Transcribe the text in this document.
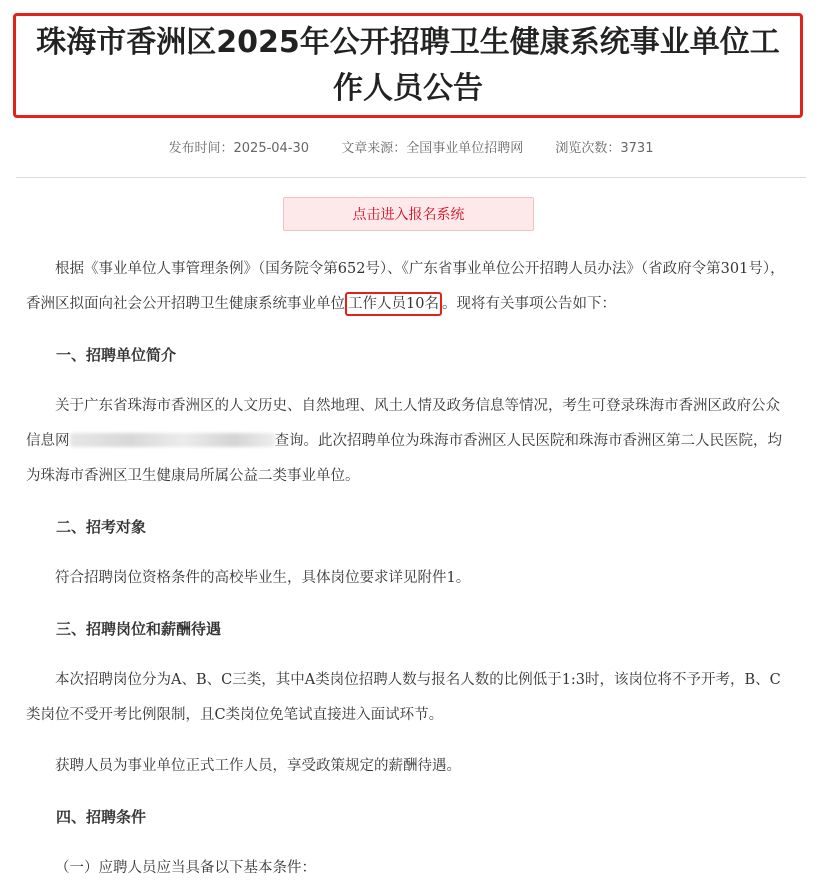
珠海市香洲区2025年公开招聘卫生健康系统事业单位工作人员公告
发布时间：2025-04-30 文章来源：全国事业单位招聘网 浏览次数：3731
点击进入报名系统

根据《事业单位人事管理条例》（国务院令第652号）、《广东省事业单位公开招聘人员办法》（省政府令第301号），香洲区拟面向社会公开招聘卫生健康系统事业单位 工作人员10名 。现将有关事项公告如下：

一、招聘单位简介

关于广东省珠海市香洲区的人文历史、自然地理、风土人情及政务信息等情况，考生可登录珠海市香洲区政府公众信息网	查询。此次招聘单位为珠海市香洲区人民医院和珠海市香洲区第二人民医院，均为珠海市香洲区卫生健康局所属公益二类事业单位。

二、招考对象

符合招聘岗位资格条件的高校毕业生，具体岗位要求详见附件1。

三、招聘岗位和薪酬待遇

本次招聘岗位分为A、B、C三类，其中A类岗位招聘人数与报名人数的比例低于1:3时，该岗位将不予开考，B、C类岗位不受开考比例限制，且C类岗位免笔试直接进入面试环节。

获聘人员为事业单位正式工作人员，享受政策规定的薪酬待遇。

四、招聘条件

（一）应聘人员应当具备以下基本条件：
